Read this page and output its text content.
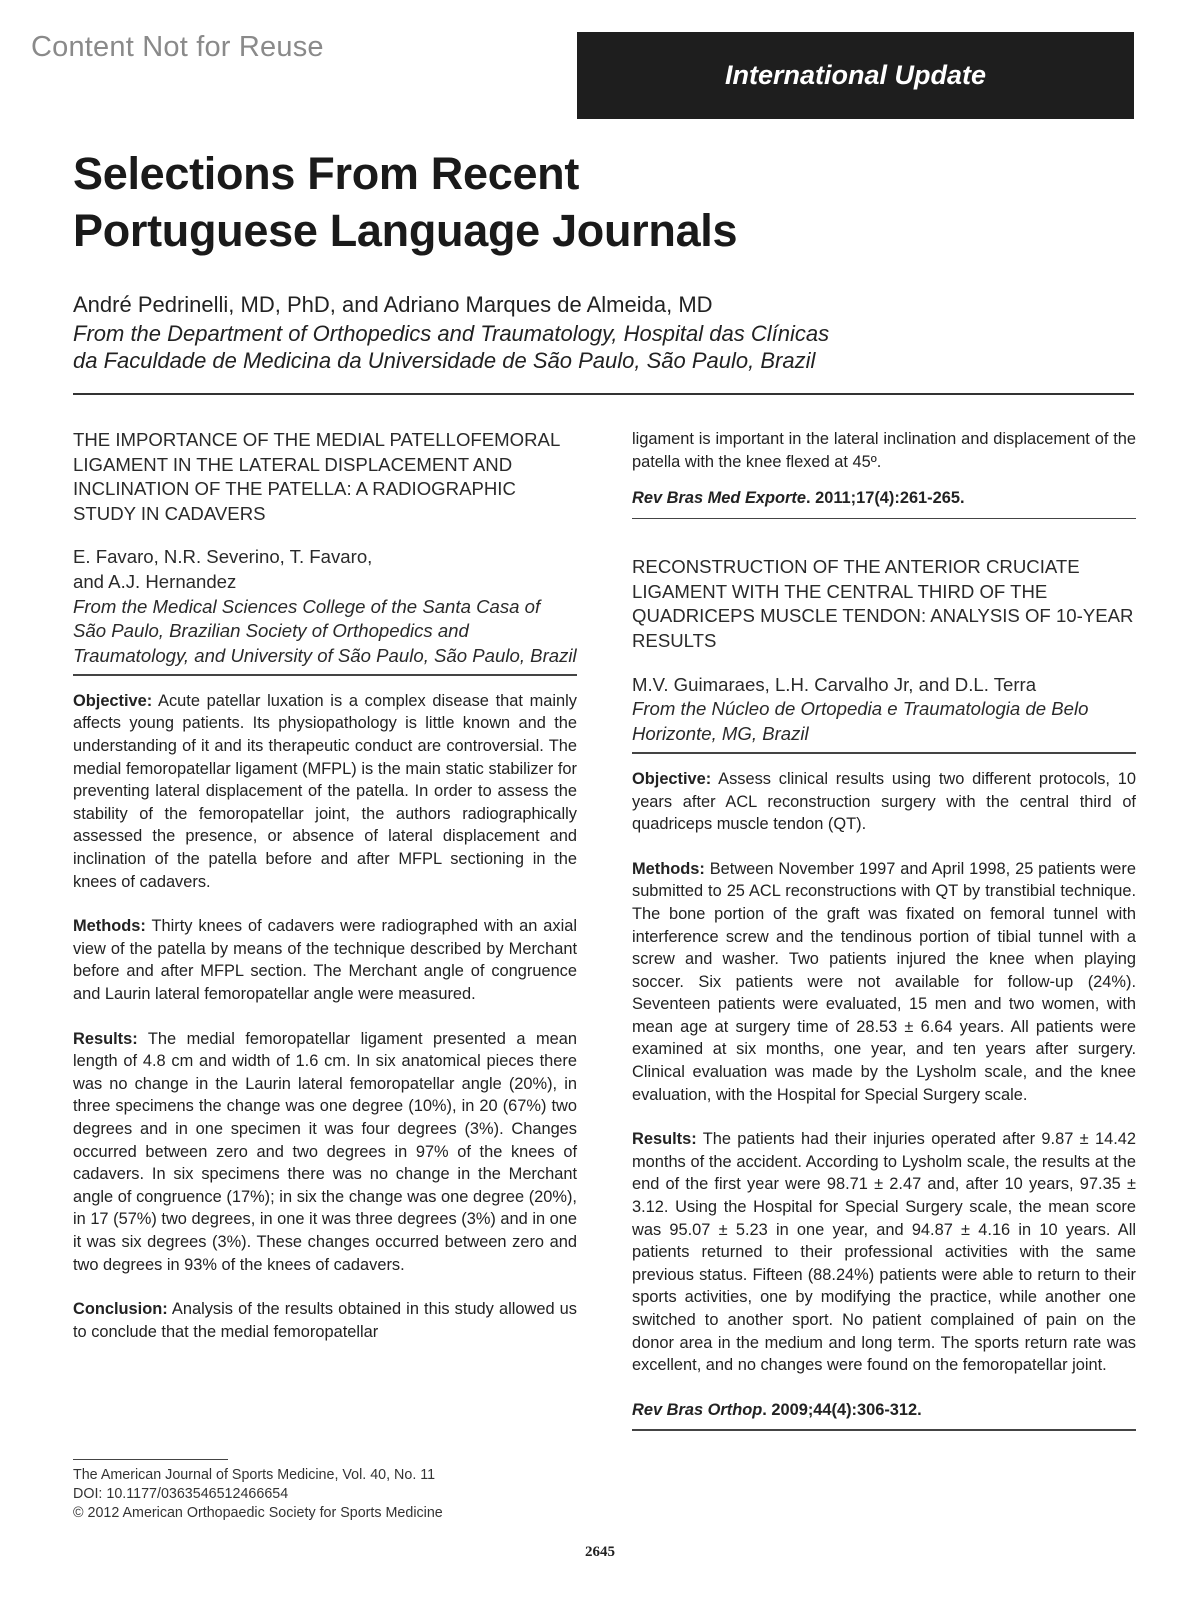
Content Not for Reuse
International Update
Selections From Recent
Portuguese Language Journals
André Pedrinelli, MD, PhD, and Adriano Marques de Almeida, MD
From the Department of Orthopedics and Traumatology, Hospital das Clínicas
da Faculdade de Medicina da Universidade de São Paulo, São Paulo, Brazil
THE IMPORTANCE OF THE MEDIAL PATELLOFEMORAL LIGAMENT IN THE LATERAL DISPLACEMENT AND INCLINATION OF THE PATELLA: A RADIOGRAPHIC STUDY IN CADAVERS
E. Favaro, N.R. Severino, T. Favaro,
and A.J. Hernandez
From the Medical Sciences College of the Santa Casa of São Paulo, Brazilian Society of Orthopedics and Traumatology, and University of São Paulo, São Paulo, Brazil

Objective: Acute patellar luxation is a complex disease that mainly affects young patients. Its physiopathology is little known and the understanding of it and its therapeutic conduct are controversial. The medial femoropatellar ligament (MFPL) is the main static stabilizer for preventing lateral displacement of the patella. In order to assess the stability of the femoropatellar joint, the authors radiographically assessed the presence, or absence of lateral displacement and inclination of the patella before and after MFPL sectioning in the knees of cadavers.

Methods: Thirty knees of cadavers were radiographed with an axial view of the patella by means of the technique described by Merchant before and after MFPL section. The Merchant angle of congruence and Laurin lateral femoropatellar angle were measured.

Results: The medial femoropatellar ligament presented a mean length of 4.8 cm and width of 1.6 cm. In six anatomical pieces there was no change in the Laurin lateral femoropatellar angle (20%), in three specimens the change was one degree (10%), in 20 (67%) two degrees and in one specimen it was four degrees (3%). Changes occurred between zero and two degrees in 97% of the knees of cadavers. In six specimens there was no change in the Merchant angle of congruence (17%); in six the change was one degree (20%), in 17 (57%) two degrees, in one it was three degrees (3%) and in one it was six degrees (3%). These changes occurred between zero and two degrees in 93% of the knees of cadavers.

Conclusion: Analysis of the results obtained in this study allowed us to conclude that the medial femoropatellar

ligament is important in the lateral inclination and displacement of the patella with the knee flexed at 45º.

Rev Bras Med Exporte. 2011;17(4):261-265.
RECONSTRUCTION OF THE ANTERIOR CRUCIATE LIGAMENT WITH THE CENTRAL THIRD OF THE QUADRICEPS MUSCLE TENDON: ANALYSIS OF 10-YEAR RESULTS
M.V. Guimaraes, L.H. Carvalho Jr, and D.L. Terra
From the Núcleo de Ortopedia e Traumatologia de Belo Horizonte, MG, Brazil

Objective: Assess clinical results using two different protocols, 10 years after ACL reconstruction surgery with the central third of quadriceps muscle tendon (QT).

Methods: Between November 1997 and April 1998, 25 patients were submitted to 25 ACL reconstructions with QT by transtibial technique. The bone portion of the graft was fixated on femoral tunnel with interference screw and the tendinous portion of tibial tunnel with a screw and washer. Two patients injured the knee when playing soccer. Six patients were not available for follow-up (24%). Seventeen patients were evaluated, 15 men and two women, with mean age at surgery time of 28.53 ± 6.64 years. All patients were examined at six months, one year, and ten years after surgery. Clinical evaluation was made by the Lysholm scale, and the knee evaluation, with the Hospital for Special Surgery scale.

Results: The patients had their injuries operated after 9.87 ± 14.42 months of the accident. According to Lysholm scale, the results at the end of the first year were 98.71 ± 2.47 and, after 10 years, 97.35 ± 3.12. Using the Hospital for Special Surgery scale, the mean score was 95.07 ± 5.23 in one year, and 94.87 ± 4.16 in 10 years. All patients returned to their professional activities with the same previous status. Fifteen (88.24%) patients were able to return to their sports activities, one by modifying the practice, while another one switched to another sport. No patient complained of pain on the donor area in the medium and long term. The sports return rate was excellent, and no changes were found on the femoropatellar joint.

Rev Bras Orthop. 2009;44(4):306-312.
The American Journal of Sports Medicine, Vol. 40, No. 11
DOI: 10.1177/0363546512466654
© 2012 American Orthopaedic Society for Sports Medicine
2645
